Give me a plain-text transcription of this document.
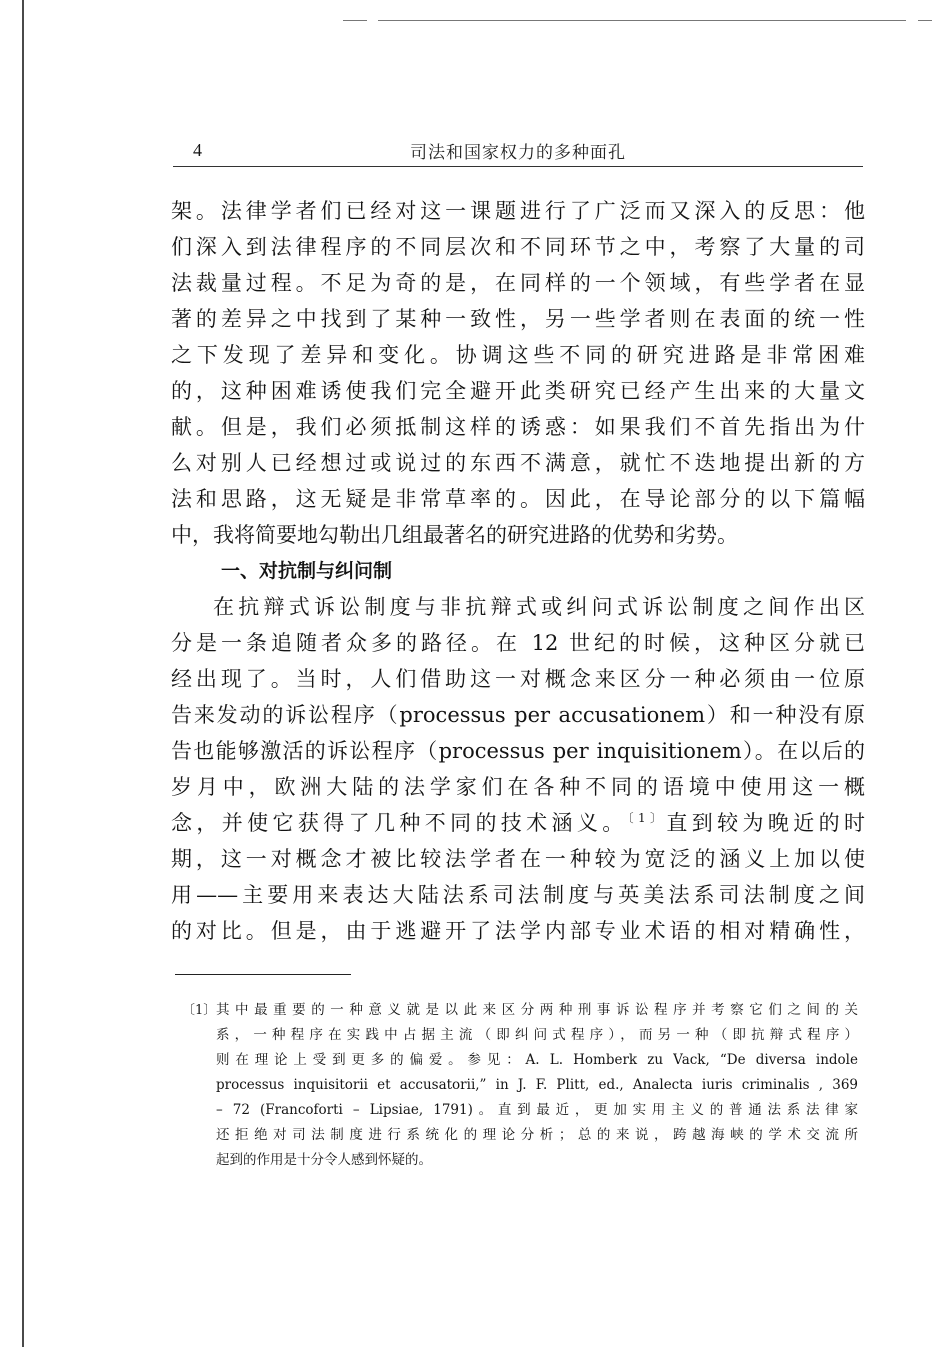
4	司法和国家权力的多种面孔
架。法律学者们已经对这一课题进行了广泛而又深入的反思：他
们深入到法律程序的不同层次和不同环节之中，考察了大量的司
法裁量过程。不足为奇的是，在同样的一个领域，有些学者在显
著的差异之中找到了某种一致性，另一些学者则在表面的统一性
之下发现了差异和变化。协调这些不同的研究进路是非常困难
的，这种困难诱使我们完全避开此类研究已经产生出来的大量文
献。但是，我们必须抵制这样的诱惑：如果我们不首先指出为什
么对别人已经想过或说过的东西不满意，就忙不迭地提出新的方
法和思路，这无疑是非常草率的。因此，在导论部分的以下篇幅
中，我将简要地勾勒出几组最著名的研究进路的优势和劣势。
一、对抗制与纠问制
在抗辩式诉讼制度与非抗辩式或纠问式诉讼制度之间作出区
分是一条追随者众多的路径。在 12 世纪的时候，这种区分就已
经出现了。当时，人们借助这一对概念来区分一种必须由一位原
告来发动的诉讼程序（processus per accusationem）和一种没有原
告也能够激活的诉讼程序（processus per inquisitionem）。在以后的
岁月中，欧洲大陆的法学家们在各种不同的语境中使用这一概
念，并使它获得了几种不同的技术涵义。$^{〔1〕}$直到较为晚近的时
期，这一对概念才被比较法学者在一种较为宽泛的涵义上加以使
用——主要用来表达大陆法系司法制度与英美法系司法制度之间
的对比。但是，由于逃避开了法学内部专业术语的相对精确性，
〔1〕 其中最重要的一种意义就是以此来区分两种刑事诉讼程序并考察它们之间的关
系，一种程序在实践中占据主流（即纠问式程序），而另一种（即抗辩式程序）
则在理论上受到更多的偏爱。参见：A. L. Homberk zu Vack, “De diversa indole
processus inquisitorii et accusatorii,” in J. F. Plitt, ed., Analecta iuris criminalis , 369
– 72 (Francoforti – Lipsiae, 1791)。直到最近，更加实用主义的普通法系法律家
还拒绝对司法制度进行系统化的理论分析；总的来说，跨越海峡的学术交流所
起到的作用是十分令人感到怀疑的。
